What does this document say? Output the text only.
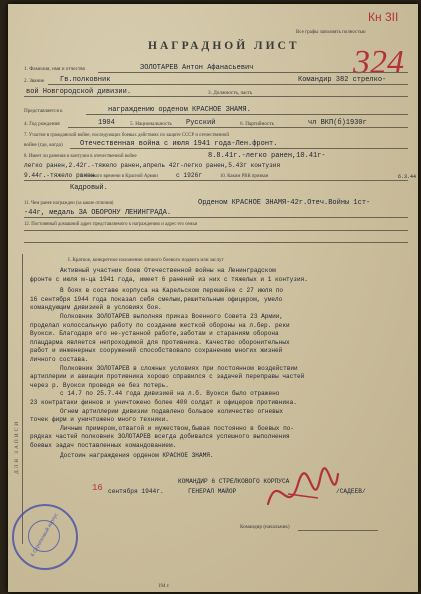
Кн 3II
Все графы заполнять полностью
НАГРАДНОЙ ЛИСТ 324
1. Фамилия, имя и отчество	ЗОЛОТАРЕВ Антон Афанасьевич
2. Звание Гв.полковник	Командир 382 стрелко-
вой Новгородской дивизии.	3. Должность, часть
Представляется к	награждению орденом КРАСНОЕ ЗНАМЯ.
4. Год рождения	1904	5. Национальность Русский	6. Партийность	чл ВКП(б)1930г
7. Участие в гражданской войне, последующих боевых действиях по защите СССР и отечественной
войне (где, когда) Отечественная война с июля 1941 года-Лен.фронт.
8. Имеет ли ранения и контузии в отечественной войне	8.8.41г.-легко ранен,10.41г-
легко ранен,2.42г.-тяжело ранен,апрель 42г-легко ранен,5.43г контузия
9.44г.-тяжело ранен
9. С какого времени в Красной Армии	с 1926г	10. Каким РВК призван	6.3.44
Кадровый.
11. Чем ранее награжден (за какие отличия)	Орденом КРАСНОЕ ЗНАМЯ-42г.Отеч.Войны 1ст-
-44г, медаль ЗА ОБОРОНУ ЛЕНИНГРАДА.
12. Постоянный домашний адрес представляемого к награждению и адрес его семьи
ДЛЯ ЗАПИСИ
I. Краткое, конкретное изложение личного боевого подвига или заслуг
Активный участник боев Отечественной войны на Ленинградском
фронте с июля м-ца 1941 года, имеет 6 ранений из них с тяжелых и 1 контузия.
В боях в составе корпуса на Карельском перешейке с 27 июля по
16 сентября 1944 года показал себя смелым,решительным офицером, умело
командующим дивизией в условиях боя.
Полковник ЗОЛОТАРЕВ выполняя приказ Военного Совета 23 Армии,
проделал колоссальную работу по созданию жесткой обороны на л.бер. реки
Вуокси. Благодаря его не-устанной работе,заботам и стараниям оборона
плацдарма является непроходимой для противника. Качество оборонительных
работ и инженерных сооружений способствовало сохранению многих жизней
личного состава.
Полковник ЗОЛОТАРЕВ в сложных условиях при постоянном воздействии
артиллерии и авиации противника хорошо справился с задачей переправы частей
через р. Вуокси проведя ее без потерь.
с 14.7 по 25.7.44 года дивизией на л.б. Вуокси было отражено
23 контратаки финнов и уничтожено более 400 солдат и офицеров противника.
Огнем артиллерии дивизии подавлено большое количество огневых
точек фирм и уничтожено много техники.
Личным примером,отвагой и мужеством,бывая постоянно в боевых по-
рядках частей полковник ЗОЛОТАРЕВ всегда добивался успешного выполнения
боевых задач поставленных командованием.
Достоин награждения орденом КРАСНОЕ ЗНАМЯ.
КОМАНДИР 6 СТРЕЛКОВОГО КОРПУСА
16 сентября 1944г.	ГЕНЕРАЛ МАЙОР	/САДЕЕВ/
Командир (начальник)
6 Стрелковый корпус
194 г.
